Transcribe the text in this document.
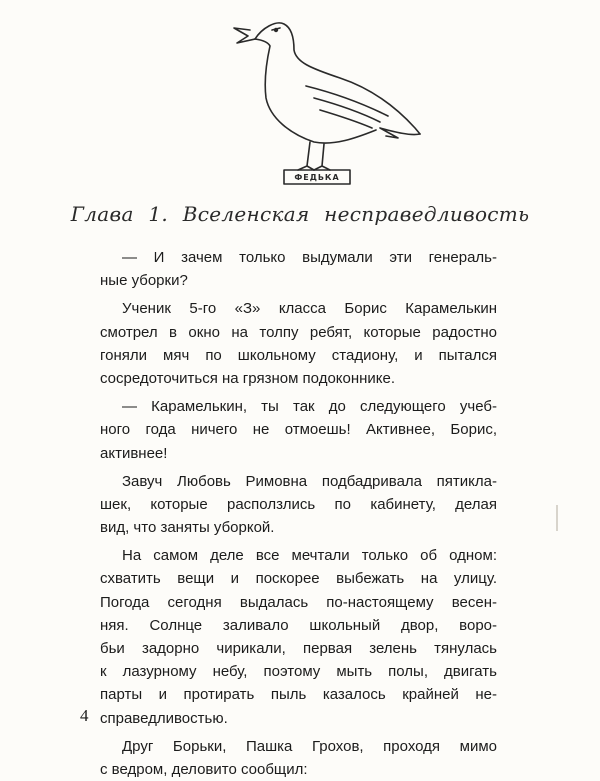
ФЕДЬКА
Глава 1. Вселенская несправедливость
— И зачем только выдумали эти генераль-
ные уборки?
Ученик 5-го «З» класса Борис Карамелькин
смотрел в окно на толпу ребят, которые радостно
гоняли мяч по школьному стадиону, и пытался
сосредоточиться на грязном подоконнике.
— Карамелькин, ты так до следующего учеб-
ного года ничего не отмоешь! Активнее, Борис,
активнее!
Завуч Любовь Римовна подбадривала пятикла-
шек, которые расползлись по кабинету, делая
вид, что заняты уборкой.
На самом деле все мечтали только об одном:
схватить вещи и поскорее выбежать на улицу.
Погода сегодня выдалась по-настоящему весен-
няя. Солнце заливало школьный двор, воро-
бьи задорно чирикали, первая зелень тянулась
к лазурному небу, поэтому мыть полы, двигать
парты и протирать пыль казалось крайней не-
справедливостью.
Друг Борьки, Пашка Грохов, проходя мимо
с ведром, деловито сообщил:
4
